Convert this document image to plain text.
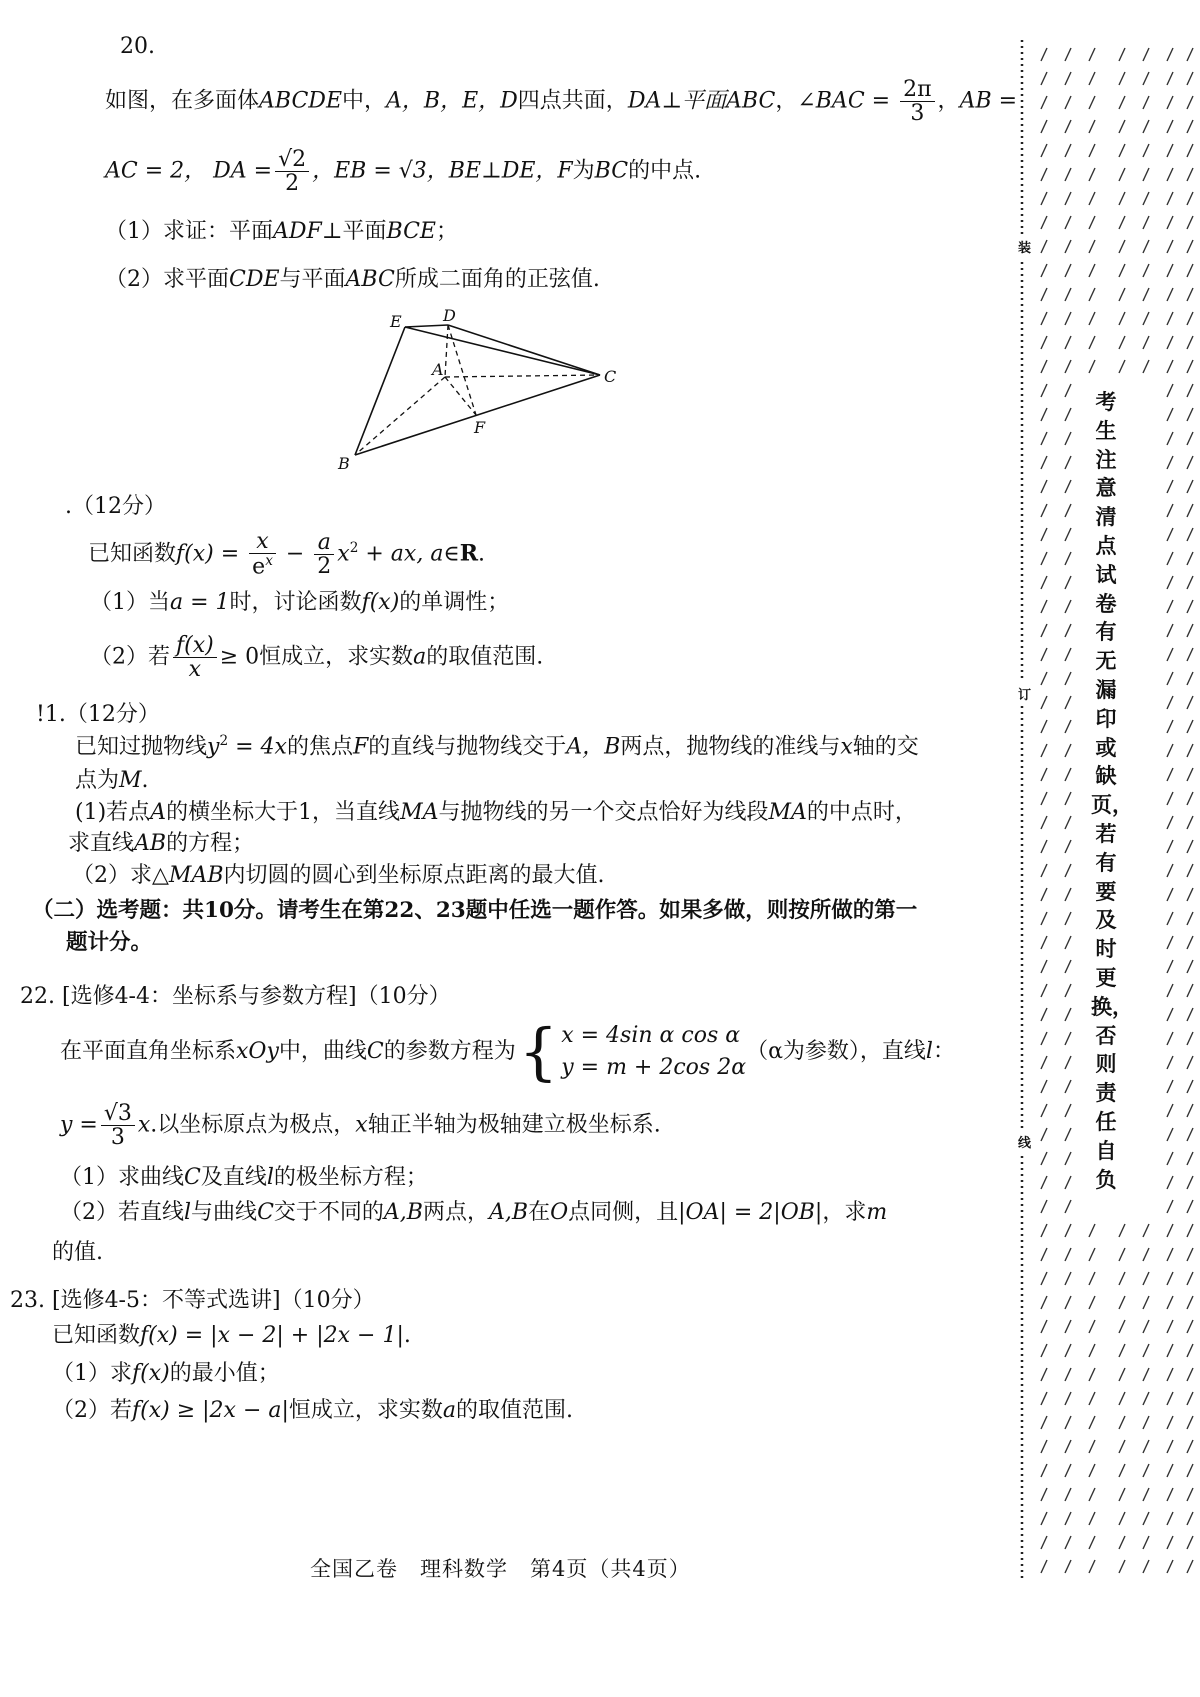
20.
如图，在多面体ABCDE中，A，B，E，D四点共面，DA⊥平面ABC，∠BAC = $\frac{2\pi}{3}$ ，AB =
AC = 2， DA = $\frac{√2}{2}$ ，EB = √3，BE⊥DE，F为BC的中点.
（1）求证：平面ADF⊥平面BCE；
（2）求平面CDE与平面ABC所成二面角的正弦值.
E	D
A	C
F
B
.（12分）
已知函数$f(x) = \frac{x}{e^x} - \frac{a}{2} x^2$ + ax, a∈R.
（1）当a = 1时，讨论函数f(x)的单调性；
（2）若 $\frac{f(x)}{x} \ge 0$恒成立，求实数a的取值范围.
!1.（12分）
已知过抛物线$y^2 = 4x$的焦点F的直线与抛物线交于A，B两点，抛物线的准线与x轴的交
点为M.
(1)若点A的横坐标大于1，当直线MA与抛物线的另一个交点恰好为线段MA的中点时，
求直线AB的方程；
（2）求△MAB内切圆的圆心到坐标原点距离的最大值.
（二）选考题：共10分。请考生在第22、23题中任选一题作答。如果多做，则按所做的第一
题计分。
22. [选修4-4：坐标系与参数方程]（10分）
在平面直角坐标系xOy中，曲线C的参数方程为{ x = 4sin α cos α
y = m + 2cos 2α
（α为参数），直线l：
$y = \frac{√3}{3} x$.以坐标原点为极点，x轴正半轴为极轴建立极坐标系.
（1）求曲线C及直线l的极坐标方程；
（2）若直线l与曲线C交于不同的A,B两点，A,B在O点同侧，且|OA| = 2|OB|，求m
的值.
23. [选修4-5：不等式选讲]（10分）
已知函数f(x) = |x − 2| + |2x − 1|.
（1）求f(x)的最小值；
（2）若f(x) ≥ |2x − a|恒成立，求实数a的取值范围.
装
订
线
考生注意清点试卷有无漏印或缺页，若有要及时更换，否则责任自负
全国乙卷　理科数学　第4页（共4页）
